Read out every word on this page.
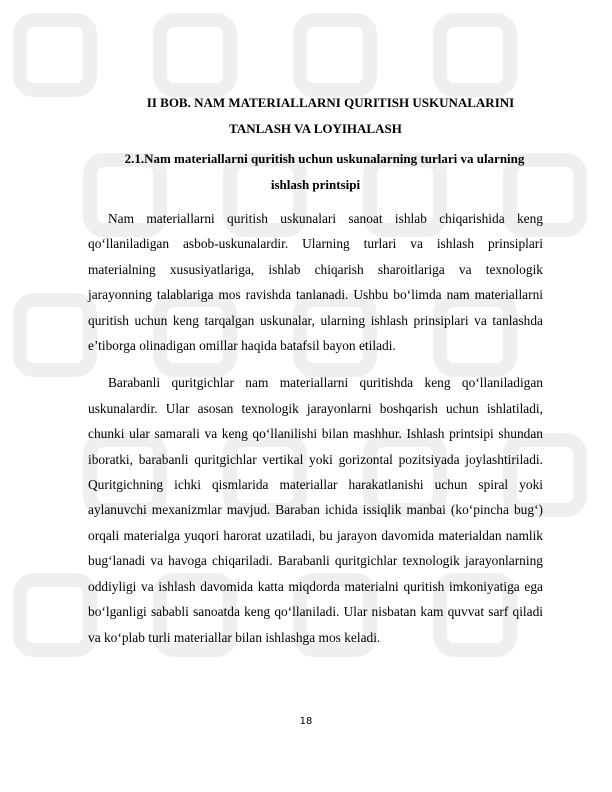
II BOB. NAM MATERIALLARNI QURITISH USKUNALARINI
TANLASH VA LOYIHALASH
2.1.Nam materiallarni quritish uchun uskunalarning turlari va ularning
ishlash printsipi

Nam materiallarni quritish uskunalari sanoat ishlab chiqarishida keng qo‘llaniladigan asbob-uskunalardir. Ularning turlari va ishlash prinsiplari materialning xususiyatlariga, ishlab chiqarish sharoitlariga va texnologik jarayonning talablariga mos ravishda tanlanadi. Ushbu bo‘limda nam materiallarni quritish uchun keng tarqalgan uskunalar, ularning ishlash prinsiplari va tanlashda e’tiborga olinadigan omillar haqida batafsil bayon etiladi.

Barabanli quritgichlar nam materiallarni quritishda keng qo‘llaniladigan uskunalardir. Ular asosan texnologik jarayonlarni boshqarish uchun ishlatiladi, chunki ular samarali va keng qo‘llanilishi bilan mashhur. Ishlash printsipi shundan iboratki, barabanli quritgichlar vertikal yoki gorizontal pozitsiyada joylashtiriladi. Quritgichning ichki qismlarida materiallar harakatlanishi uchun spiral yoki aylanuvchi mexanizmlar mavjud. Baraban ichida issiqlik manbai (ko‘pincha bug‘) orqali materialga yuqori harorat uzatiladi, bu jarayon davomida materialdan namlik bug‘lanadi va havoga chiqariladi. Barabanli quritgichlar texnologik jarayonlarning oddiyligi va ishlash davomida katta miqdorda materialni quritish imkoniyatiga ega bo‘lganligi sababli sanoatda keng qo‘llaniladi. Ular nisbatan kam quvvat sarf qiladi va ko‘plab turli materiallar bilan ishlashga mos keladi.

18
